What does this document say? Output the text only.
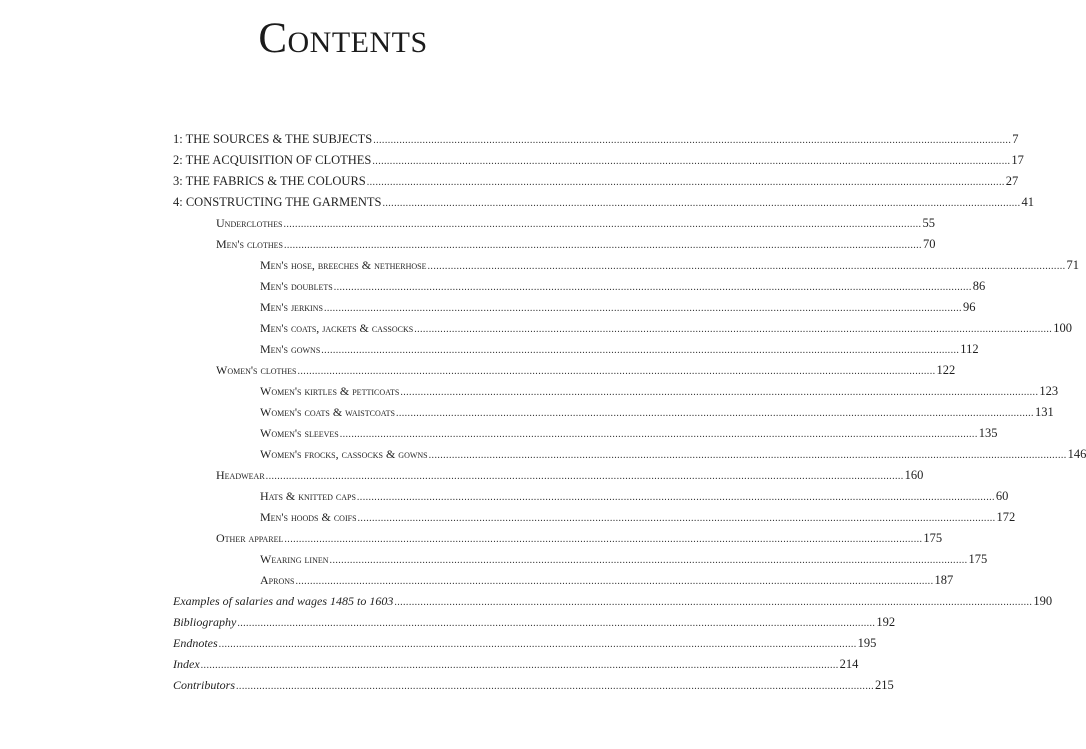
Contents
1: THE SOURCES & THE SUBJECTS ............................................................................................................................................................................................................................ 7
2: THE ACQUISITION OF CLOTHES ............................................................................................................................................................................................................................ 17
3: THE FABRICS & THE COLOURS ............................................................................................................................................................................................................................ 27
4: CONSTRUCTING THE GARMENTS ............................................................................................................................................................................................................................ 41
Underclothes ............................................................................................................................................................................................................................ 55
Men's clothes ............................................................................................................................................................................................................................ 70
Men's hose, breeches & netherhose ............................................................................................................................................................................................................................ 71
Men's doublets ............................................................................................................................................................................................................................ 86
Men's jerkins ............................................................................................................................................................................................................................ 96
Men's coats, jackets & cassocks ............................................................................................................................................................................................................................ 100
Men's gowns ............................................................................................................................................................................................................................ 112
Women's clothes ............................................................................................................................................................................................................................ 122
Women's kirtles & petticoats ............................................................................................................................................................................................................................ 123
Women's coats & waistcoats ............................................................................................................................................................................................................................ 131
Women's sleeves ............................................................................................................................................................................................................................ 135
Women's frocks, cassocks & gowns ............................................................................................................................................................................................................................ 146
Headwear ............................................................................................................................................................................................................................ 160
Hats & knitted caps ............................................................................................................................................................................................................................ 60
Men's hoods & coifs ............................................................................................................................................................................................................................ 172
Other apparel ............................................................................................................................................................................................................................ 175
Wearing linen ............................................................................................................................................................................................................................ 175
Aprons ............................................................................................................................................................................................................................ 187
Examples of salaries and wages 1485 to 1603 ............................................................................................................................................................................................................................ 190
Bibliography ............................................................................................................................................................................................................................ 192
Endnotes ............................................................................................................................................................................................................................ 195
Index ............................................................................................................................................................................................................................ 214
Contributors ............................................................................................................................................................................................................................ 215
